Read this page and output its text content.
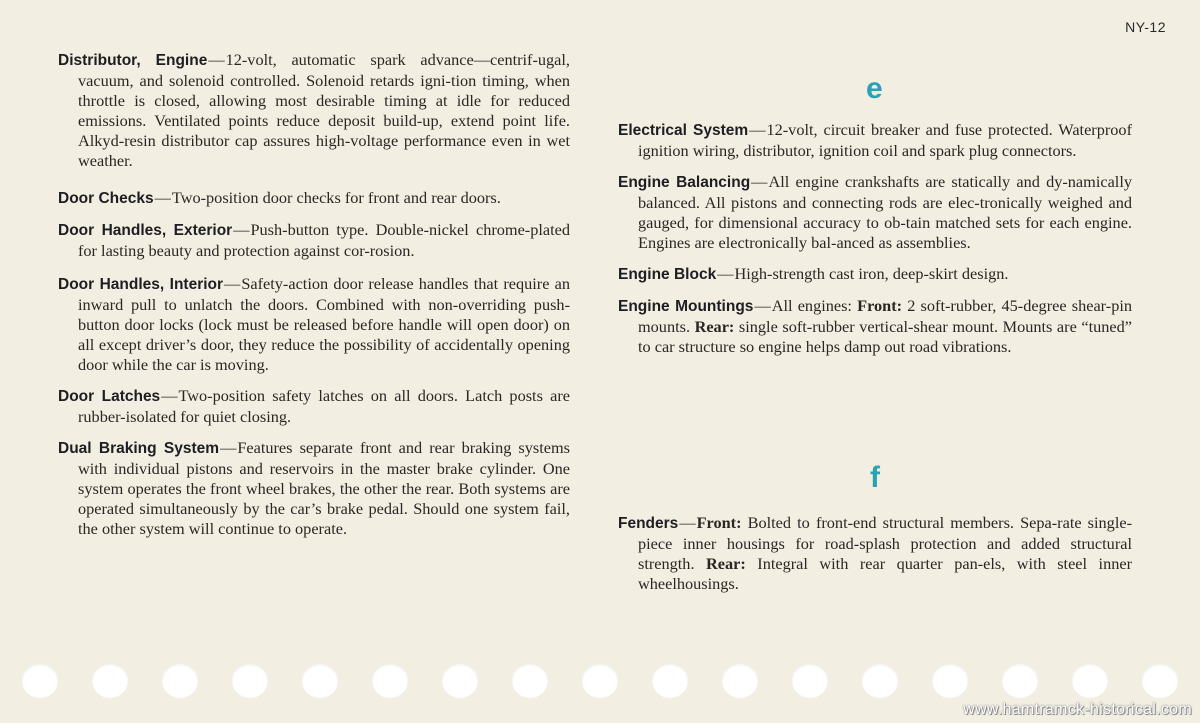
NY-12

Distributor, Engine—12-volt, automatic spark advance—centrif-ugal, vacuum, and solenoid controlled. Solenoid retards igni-tion timing, when throttle is closed, allowing most desirable timing at idle for reduced emissions. Ventilated points reduce deposit build-up, extend point life. Alkyd-resin distributor cap assures high-voltage performance even in wet weather.

Door Checks—Two-position door checks for front and rear doors.

Door Handles, Exterior—Push-button type. Double-nickel chrome-plated for lasting beauty and protection against cor-rosion.

Door Handles, Interior—Safety-action door release handles that require an inward pull to unlatch the doors. Combined with non-overriding push-button door locks (lock must be released before handle will open door) on all except driver’s door, they reduce the possibility of accidentally opening door while the car is moving.

Door Latches—Two-position safety latches on all doors. Latch posts are rubber-isolated for quiet closing.

Dual Braking System—Features separate front and rear braking systems with individual pistons and reservoirs in the master brake cylinder. One system operates the front wheel brakes, the other the rear. Both systems are operated simultaneously by the car’s brake pedal. Should one system fail, the other system will continue to operate.

e
f

Electrical System—12-volt, circuit breaker and fuse protected. Waterproof ignition wiring, distributor, ignition coil and spark plug connectors.

Engine Balancing—All engine crankshafts are statically and dy-namically balanced. All pistons and connecting rods are elec-tronically weighed and gauged, for dimensional accuracy to ob-tain matched sets for each engine. Engines are electronically bal-anced as assemblies.

Engine Block—High-strength cast iron, deep-skirt design.

Engine Mountings—All engines: Front: 2 soft-rubber, 45-degree shear-pin mounts. Rear: single soft-rubber vertical-shear mount. Mounts are “tuned” to car structure so engine helps damp out road vibrations.

Fenders—Front: Bolted to front-end structural members. Sepa-rate single-piece inner housings for road-splash protection and added structural strength. Rear: Integral with rear quarter pan-els, with steel inner wheelhousings.

www.hamtramck-historical.com
